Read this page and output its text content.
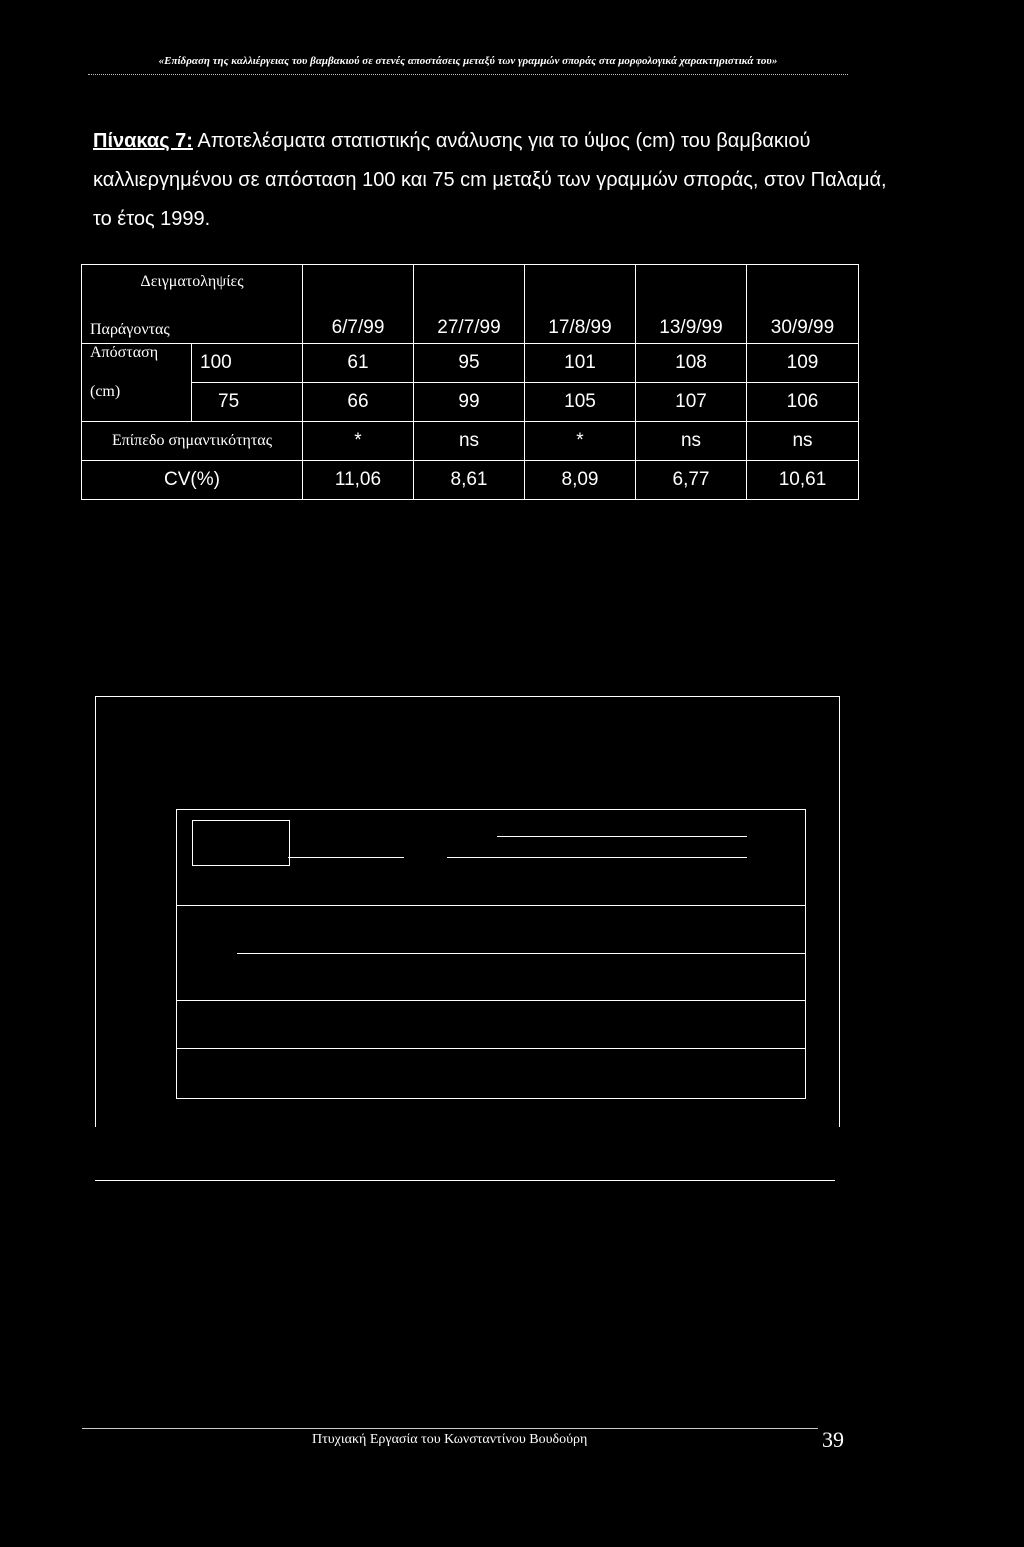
«Επίδραση της καλλιέργειας του βαμβακιού σε στενές αποστάσεις μεταξύ των γραμμών σποράς στα μορφολογικά χαρακτηριστικά του»
Πίνακας 7: Αποτελέσματα στατιστικής ανάλυσης για το ύψος (cm) του βαμβακιού καλλιεργημένου σε απόσταση 100 και 75 cm μεταξύ των γραμμών σποράς, στον Παλαμά, το έτος 1999.
Δειγματοληψίες
Παράγοντας		6/7/99	27/7/99	17/8/99	13/9/99	30/9/99
Απόσταση	100	61	95	101	108	109
(cm)	75	66	99	105	107	106
Επίπεδο σημαντικότητας		*	ns	*	ns	ns
CV(%)		11,06	8,61	8,09	6,77	10,61
Πτυχιακή Εργασία του Κωνσταντίνου Βουδούρη	39
